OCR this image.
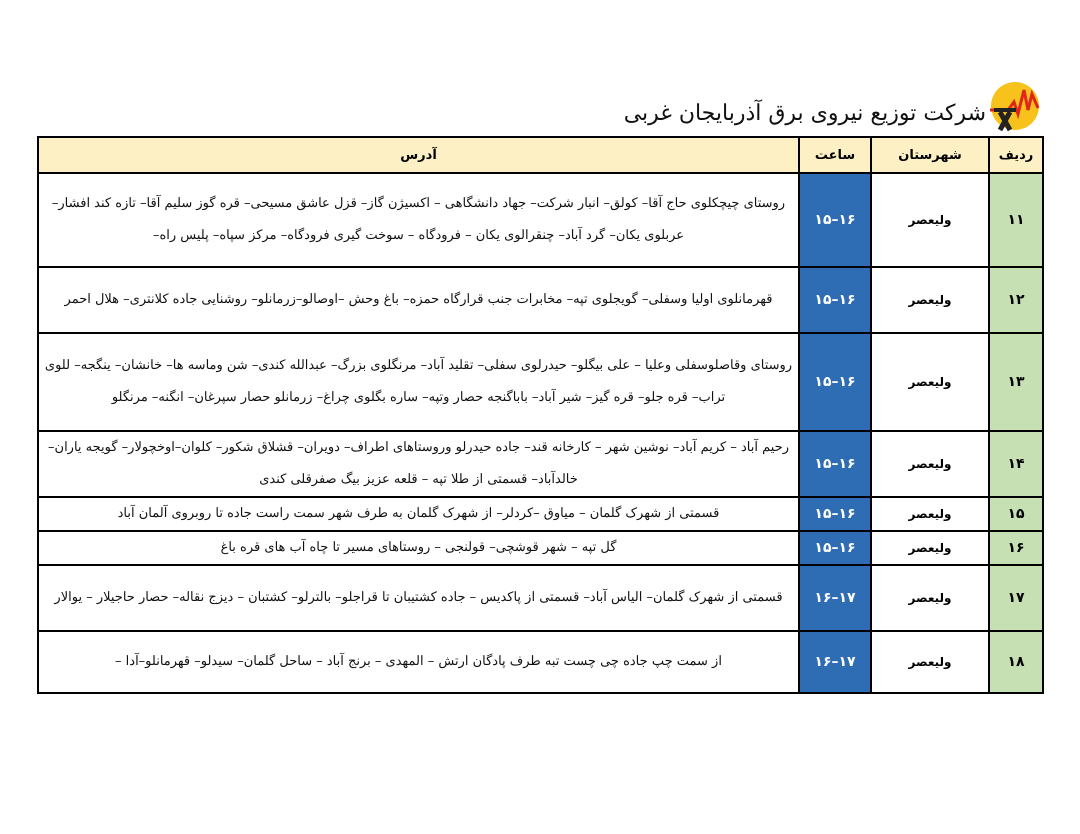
شرکت توزیع نیروی برق آذربایجان غربی
ردیف	شهرستان	ساعت	آدرس
۱۱	ولیعصر	۱۵–۱۶	روستای چیچکلوی حاج آقا– کولق– انبار شرکت– جهاد دانشگاهی – اکسیژن گاز– قزل عاشق مسیحی– قره گوز سلیم آقا– تازه کند افشار– عربلوی یکان– گرد آباد– چنقرالوی یکان – فرودگاه – سوخت گیری فرودگاه– مرکز سپاه– پلیس راه–
۱۲	ولیعصر	۱۵–۱۶	قهرمانلوی اولیا وسفلی– گویجلوی تپه– مخابرات جنب قرارگاه حمزه– باغ وحش –اوصالو–زرمانلو– روشنایی جاده کلانتری– هلال احمر
۱۳	ولیعصر	۱۵–۱۶	روستای وقاصلوسفلی وعلیا – علی بیگلو– حیدرلوی سفلی– تقلید آباد– مرنگلوی بزرگ– عبدالله کندی– شن وماسه ها– خانشان– ینگجه– للوی تراب– قره جلو– قره گیز– شیر آباد– باباگنجه حصار وتپه– ساره بگلوی چراغ– زرمانلو حصار سپرغان– انگنه– مرنگلو
۱۴	ولیعصر	۱۵–۱۶	رحیم آباد – کریم آباد– نوشین شهر – کارخانه قند– جاده حیدرلو وروستاهای اطراف– دویران– قشلاق شکور– کلوان–اوخچولار– گویجه یاران– خالدآباد– قسمتی از طلا تپه – قلعه عزیز بیگ صفرقلی کندی
۱۵	ولیعصر	۱۵–۱۶	قسمتی از شهرک گلمان – میاوق –کردلر– از شهرک گلمان به طرف شهر سمت راست جاده تا روبروی آلمان آباد
۱۶	ولیعصر	۱۵–۱۶	گل تپه – شهر قوشچی– قولنجی – روستاهای مسیر تا چاه آب های قره باغ
۱۷	ولیعصر	۱۶–۱۷	قسمتی از شهرک گلمان– الیاس آباد– قسمتی از پاکدیس – جاده کشتیبان تا قراجلو– بالترلو– کشتبان – دیزج نقاله– حصار حاجیلار – یوالار
۱۸	ولیعصر	۱۶–۱۷	از سمت چپ جاده چی چست تبه طرف پادگان ارتش – المهدی – برنج آباد – ساحل گلمان– سیدلو– قهرمانلو–آدا –
